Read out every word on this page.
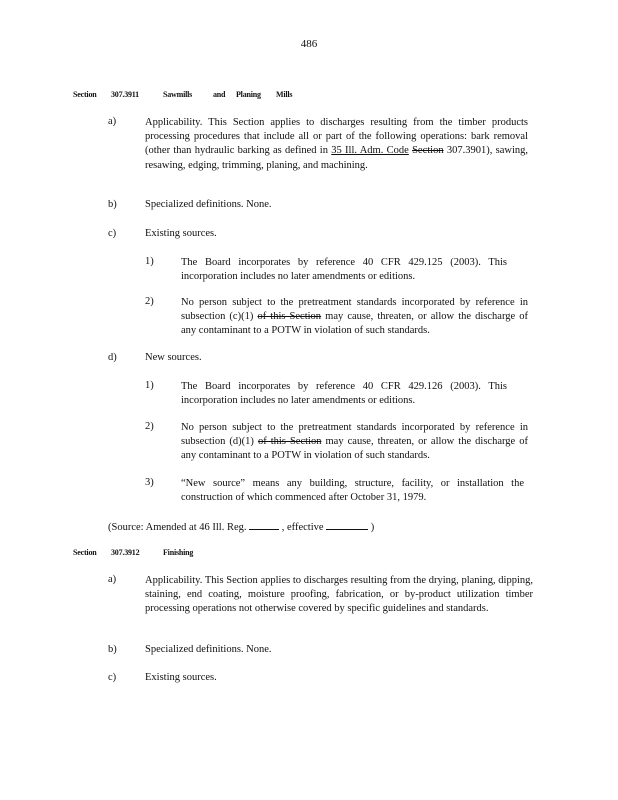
486
Section 307.3911	Sawmills	and Planing Mills
a)	Applicability. This Section applies to discharges resulting from the timber products processing procedures that include all or part of the following operations: bark removal (other than hydraulic barking as defined in 35 Ill. Adm. Code Section 307.3901), sawing, resawing, edging, trimming, planing, and machining.
b)	Specialized definitions. None.
c)	Existing sources.
1)	The Board incorporates by reference 40 CFR 429.125 (2003). This incorporation includes no later amendments or editions.
2)	No person subject to the pretreatment standards incorporated by reference in subsection (c)(1) of this Section may cause, threaten, or allow the discharge of any contaminant to a POTW in violation of such standards.
d)	New sources.
1)	The Board incorporates by reference 40 CFR 429.126 (2003). This incorporation includes no later amendments or editions.
2)	No person subject to the pretreatment standards incorporated by reference in subsection (d)(1) of this Section may cause, threaten, or allow the discharge of any contaminant to a POTW in violation of such standards.
3)	“New source” means any building, structure, facility, or installation the construction of which commenced after October 31, 1979.
(Source: Amended at 46 Ill. Reg.	, effective	)
Section 307.3912	Finishing
a)	Applicability. This Section applies to discharges resulting from the drying, planing, dipping, staining, end coating, moisture proofing, fabrication, or by-product utilization timber processing operations not otherwise covered by specific guidelines and standards.
b)	Specialized definitions. None.
c)	Existing sources.
